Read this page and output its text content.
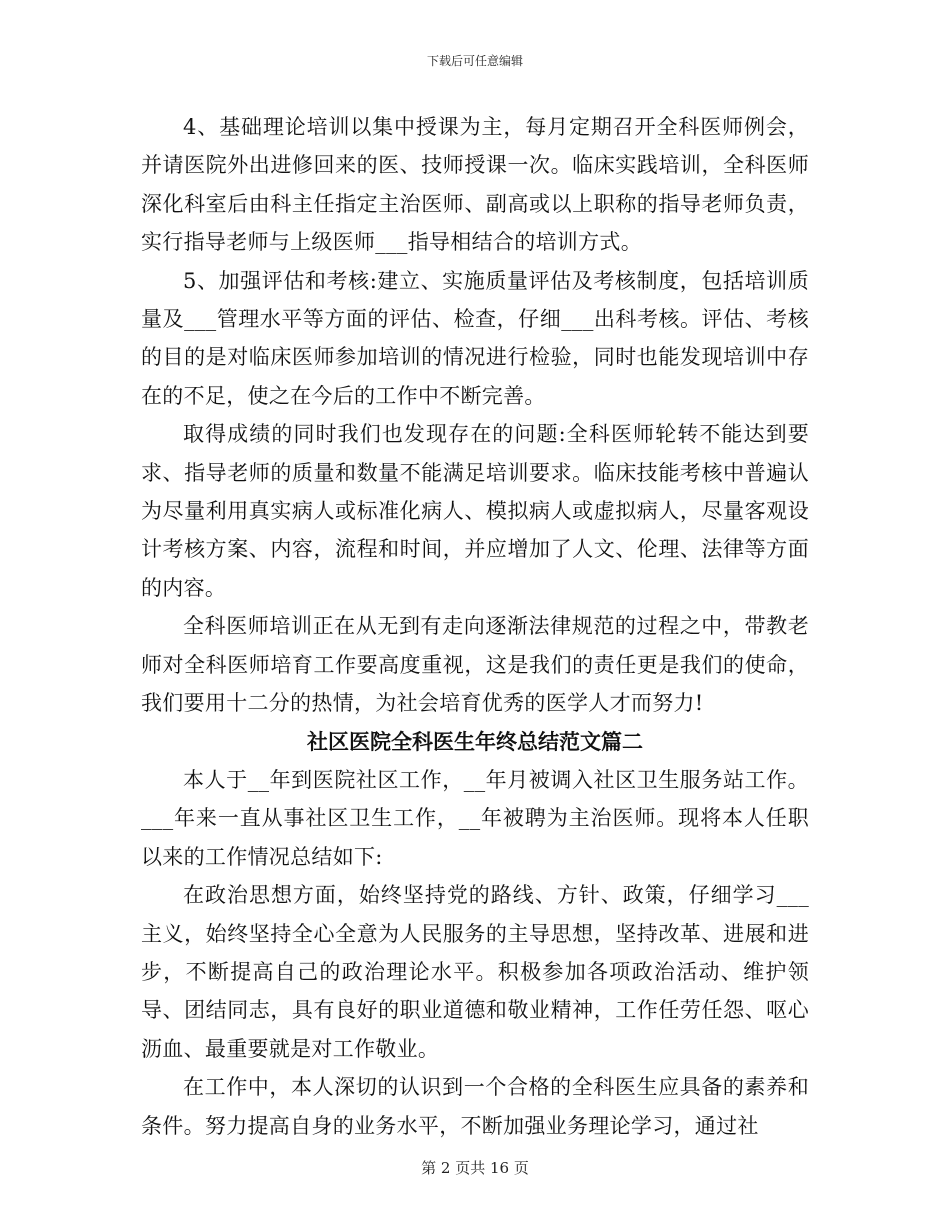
下载后可任意编辑

4、基础理论培训以集中授课为主，每月定期召开全科医师例会，并请医院外出进修回来的医、技师授课一次。临床实践培训，全科医师深化科室后由科主任指定主治医师、副高或以上职称的指导老师负责，实行指导老师与上级医师___指导相结合的培训方式。

5、加强评估和考核:建立、实施质量评估及考核制度，包括培训质量及___管理水平等方面的评估、检查，仔细___出科考核。评估、考核的目的是对临床医师参加培训的情况进行检验，同时也能发现培训中存在的不足，使之在今后的工作中不断完善。

取得成绩的同时我们也发现存在的问题:全科医师轮转不能达到要求、指导老师的质量和数量不能满足培训要求。临床技能考核中普遍认为尽量利用真实病人或标准化病人、模拟病人或虚拟病人，尽量客观设计考核方案、内容，流程和时间，并应增加了人文、伦理、法律等方面的内容。

全科医师培训正在从无到有走向逐渐法律规范的过程之中，带教老师对全科医师培育工作要高度重视，这是我们的责任更是我们的使命，我们要用十二分的热情，为社会培育优秀的医学人才而努力!

社区医院全科医生年终总结范文篇二

本人于__年到医院社区工作，__年月被调入社区卫生服务站工作。___年来一直从事社区卫生工作，__年被聘为主治医师。现将本人任职以来的工作情况总结如下:

在政治思想方面，始终坚持党的路线、方针、政策，仔细学习___主义，始终坚持全心全意为人民服务的主导思想，坚持改革、进展和进步，不断提高自己的政治理论水平。积极参加各项政治活动、维护领导、团结同志，具有良好的职业道德和敬业精神，工作任劳任怨、呕心沥血、最重要就是对工作敬业。

在工作中，本人深切的认识到一个合格的全科医生应具备的素养和条件。努力提高自身的业务水平，不断加强业务理论学习，通过社

第 2 页共 16 页
